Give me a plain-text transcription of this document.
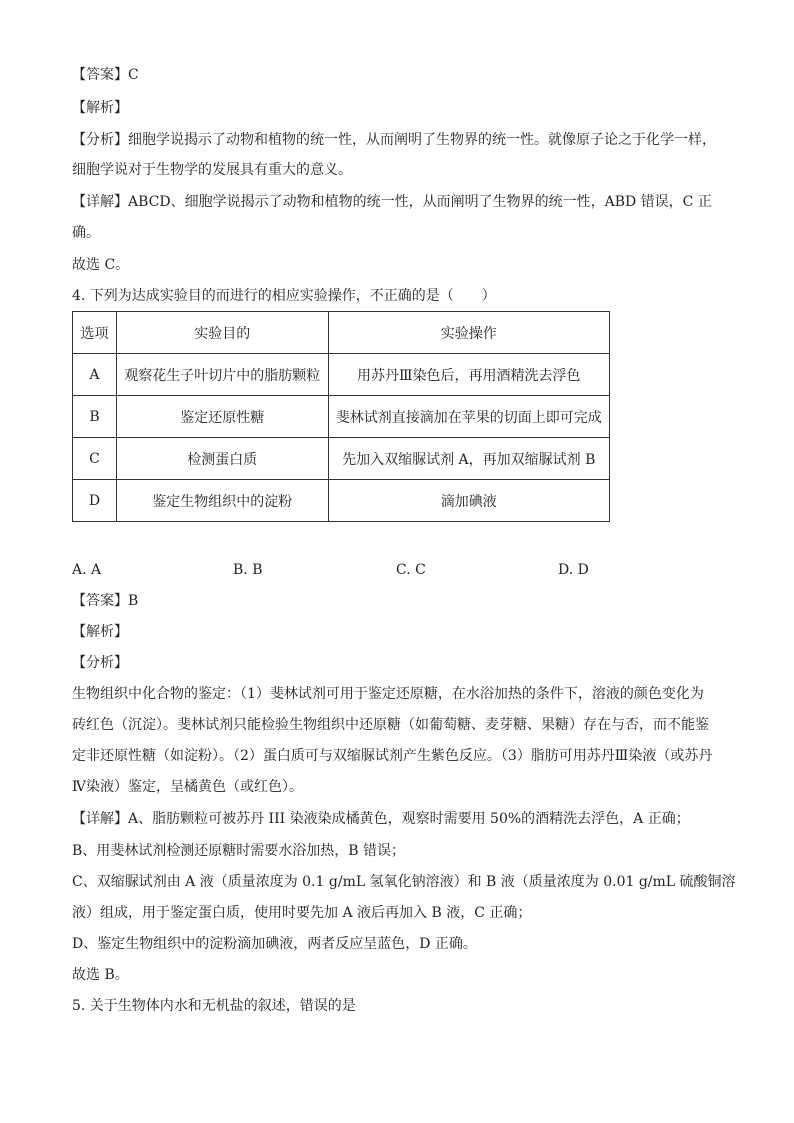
【答案】C
【解析】
【分析】细胞学说揭示了动物和植物的统一性，从而阐明了生物界的统一性。就像原子论之于化学一样，
细胞学说对于生物学的发展具有重大的意义。
【详解】ABCD、细胞学说揭示了动物和植物的统一性，从而阐明了生物界的统一性，ABD 错误，C 正
确。
故选 C。
4. 下列为达成实验目的而进行的相应实验操作，不正确的是（　　）
选项	实验目的	实验操作
A	观察花生子叶切片中的脂肪颗粒	用苏丹Ⅲ染色后，再用酒精洗去浮色
B	鉴定还原性糖	斐林试剂直接滴加在苹果的切面上即可完成
C	检测蛋白质	先加入双缩脲试剂 A，再加双缩脲试剂 B
D	鉴定生物组织中的淀粉	滴加碘液
A. A	B. B	C. C	D. D
【答案】B
【解析】
【分析】
生物组织中化合物的鉴定：（1）斐林试剂可用于鉴定还原糖，在水浴加热的条件下，溶液的颜色变化为
砖红色（沉淀）。斐林试剂只能检验生物组织中还原糖（如葡萄糖、麦芽糖、果糖）存在与否，而不能鉴
定非还原性糖（如淀粉）。（2）蛋白质可与双缩脲试剂产生紫色反应。（3）脂肪可用苏丹Ⅲ染液（或苏丹
Ⅳ染液）鉴定，呈橘黄色（或红色）。
【详解】A、脂肪颗粒可被苏丹 III 染液染成橘黄色，观察时需要用 50%的酒精洗去浮色，A 正确；
B、用斐林试剂检测还原糖时需要水浴加热，B 错误；
C、双缩脲试剂由 A 液（质量浓度为 0.1 g/mL 氢氧化钠溶液）和 B 液（质量浓度为 0.01 g/mL 硫酸铜溶
液）组成，用于鉴定蛋白质，使用时要先加 A 液后再加入 B 液，C 正确；
D、鉴定生物组织中的淀粉滴加碘液，两者反应呈蓝色，D 正确。
故选 B。
5. 关于生物体内水和无机盐的叙述，错误的是
